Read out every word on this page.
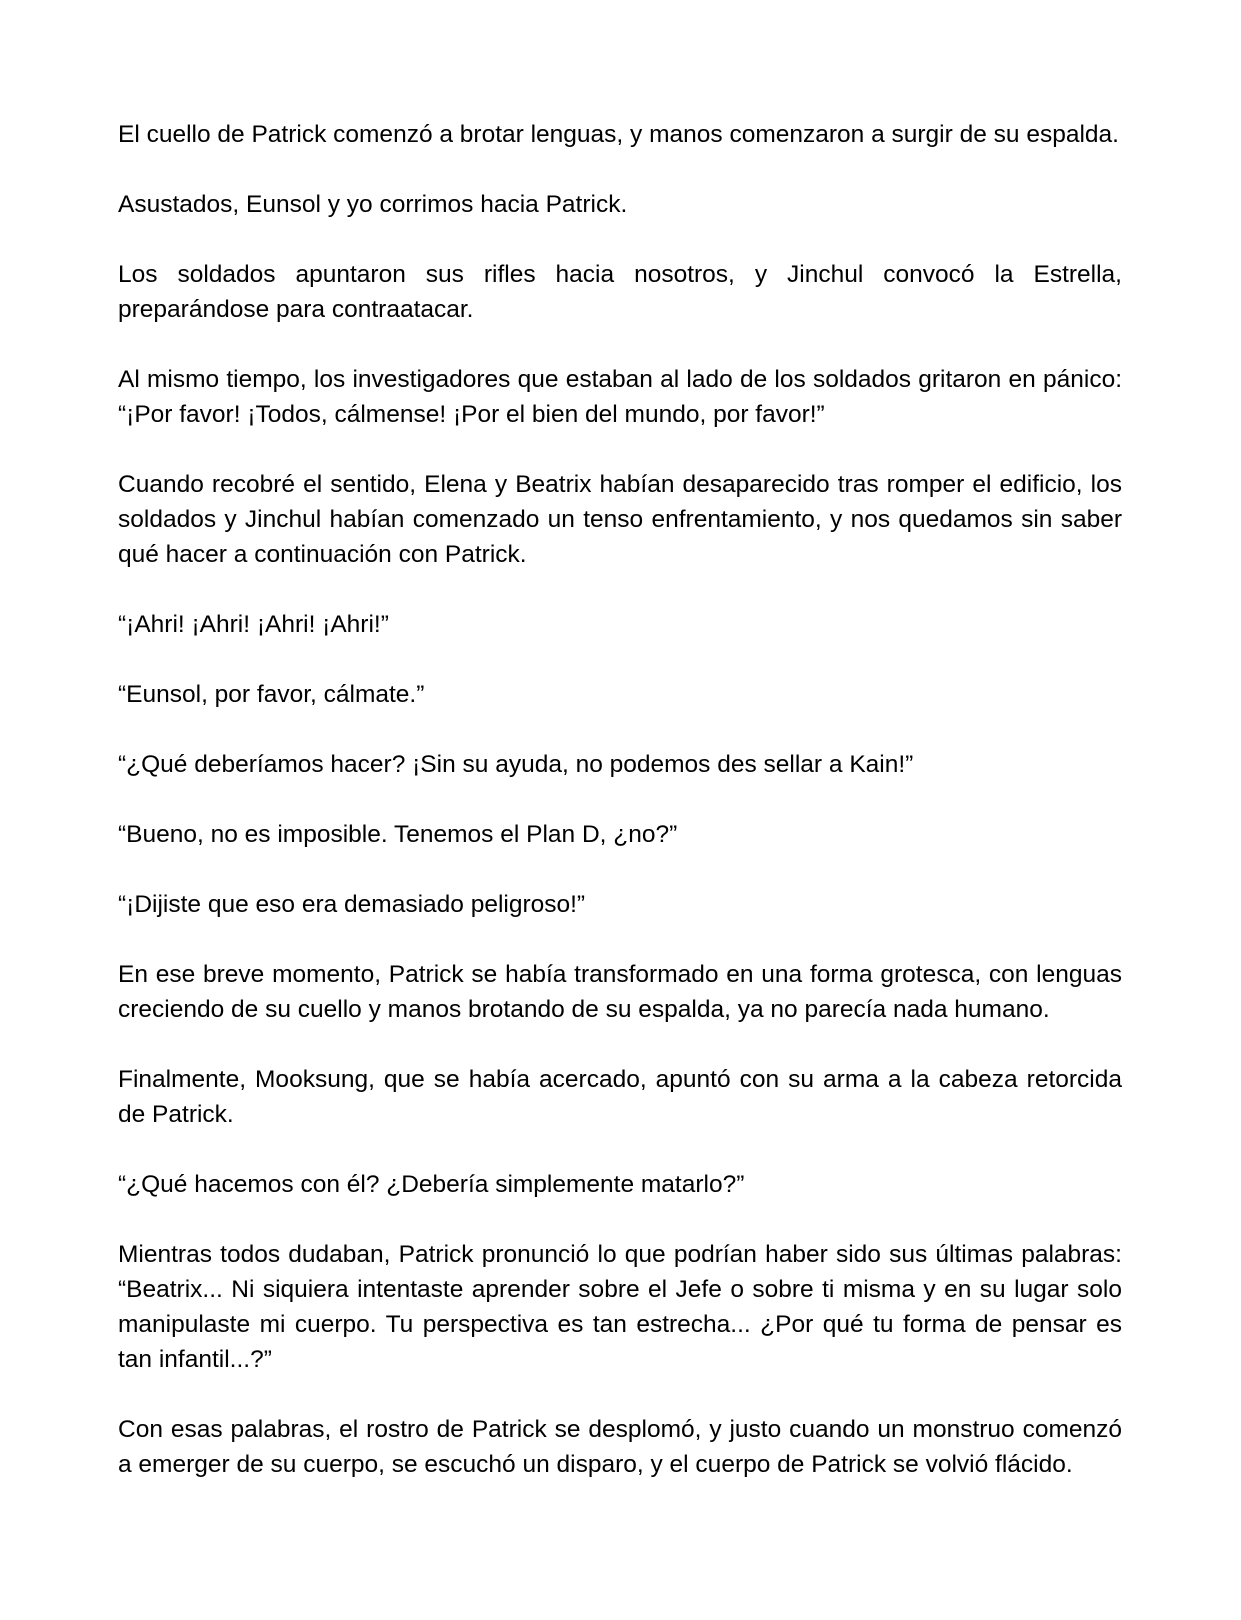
El cuello de Patrick comenzó a brotar lenguas, y manos comenzaron a surgir de su espalda.

Asustados, Eunsol y yo corrimos hacia Patrick.

Los soldados apuntaron sus rifles hacia nosotros, y Jinchul convocó la Estrella, preparándose para contraatacar.

Al mismo tiempo, los investigadores que estaban al lado de los soldados gritaron en pánico: “¡Por favor! ¡Todos, cálmense! ¡Por el bien del mundo, por favor!”

Cuando recobré el sentido, Elena y Beatrix habían desaparecido tras romper el edificio, los soldados y Jinchul habían comenzado un tenso enfrentamiento, y nos quedamos sin saber qué hacer a continuación con Patrick.

“¡Ahri! ¡Ahri! ¡Ahri! ¡Ahri!”

“Eunsol, por favor, cálmate.”

“¿Qué deberíamos hacer? ¡Sin su ayuda, no podemos des sellar a Kain!”

“Bueno, no es imposible. Tenemos el Plan D, ¿no?”

“¡Dijiste que eso era demasiado peligroso!”

En ese breve momento, Patrick se había transformado en una forma grotesca, con lenguas creciendo de su cuello y manos brotando de su espalda, ya no parecía nada humano.

Finalmente, Mooksung, que se había acercado, apuntó con su arma a la cabeza retorcida de Patrick.

“¿Qué hacemos con él? ¿Debería simplemente matarlo?”

Mientras todos dudaban, Patrick pronunció lo que podrían haber sido sus últimas palabras: “Beatrix... Ni siquiera intentaste aprender sobre el Jefe o sobre ti misma y en su lugar solo manipulaste mi cuerpo. Tu perspectiva es tan estrecha... ¿Por qué tu forma de pensar es tan infantil...?”

Con esas palabras, el rostro de Patrick se desplomó, y justo cuando un monstruo comenzó a emerger de su cuerpo, se escuchó un disparo, y el cuerpo de Patrick se volvió flácido.
